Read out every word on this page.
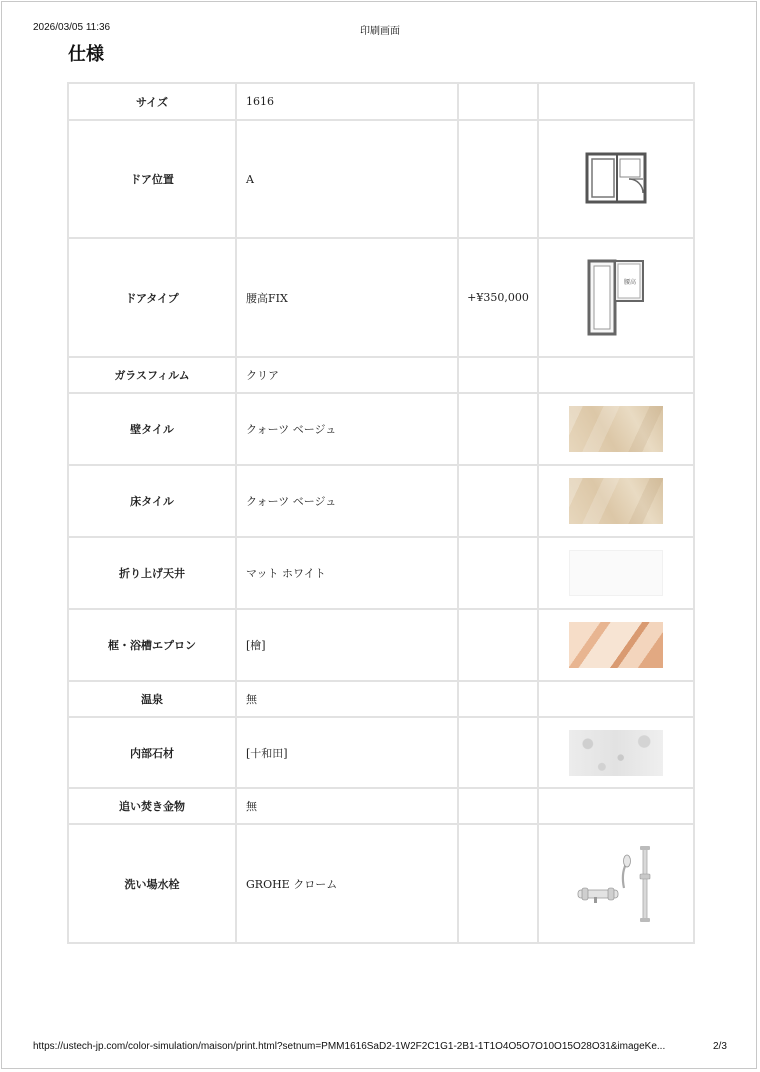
2026/03/05 11:36	印刷画面
仕様
サイズ	1616		
ドア位置	A		
ドアタイプ	腰高FIX	+¥350,000	腰高

ガラスフィルム	クリア		
壁タイル	クォーツ ベージュ		
床タイル	クォーツ ベージュ		
折り上げ天井	マット ホワイト		
框・浴槽エプロン	[檜]		
温泉	無		
内部石材	[十和田]		
追い焚き金物	無		
洗い場水栓	GROHE クローム		
https://ustech-jp.com/color-simulation/maison/print.html?setnum=PMM1616SaD2-1W2F2C1G1-2B1-1T1O4O5O7O10O15O28O31&imageKe...	2/3
